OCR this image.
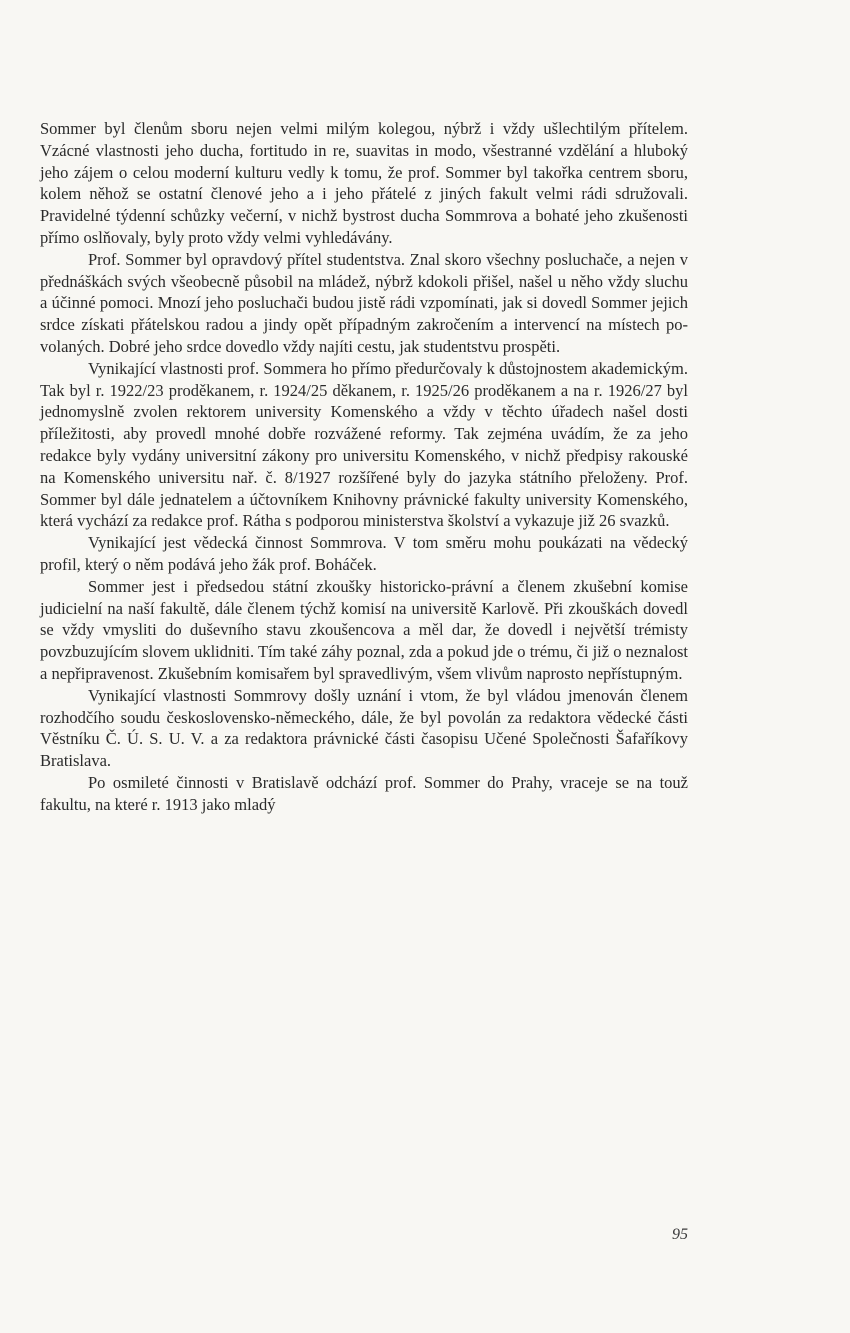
Sommer byl členům sboru nejen velmi milým kolegou, nýbrž i vždy ušlechtilým přítelem. Vzácné vlastnosti jeho ducha, fortitudo in re, suavitas in modo, všestranné vzdělání a hluboký jeho zájem o celou moderní kulturu vedly k tomu, že prof. Sommer byl takořka centrem sboru, kolem něhož se ostatní členové jeho a i jeho přátelé z jiných fakult velmi rádi sdružovali. Pravidelné týdenní schůzky večerní, v nichž bystrost ducha Sommrova a bohaté jeho zkušenosti přímo oslňovaly, byly proto vždy velmi vyhledávány.

Prof. Sommer byl opravdový přítel studentstva. Znal skoro všechny posluchače, a nejen v přednáškách svých všeobecně působil na mládež, nýbrž kdokoli přišel, našel u něho vždy sluchu a účinné pomoci. Mnozí jeho posluchači budou jistě rádi vzpomínati, jak si dovedl Sommer jejich srdce získati přátelskou radou a jindy opět případným zakročením a intervencí na místech povolaných. Dobré jeho srdce dovedlo vždy najíti cestu, jak studentstvu prospěti.

Vynikající vlastnosti prof. Sommera ho přímo předurčovaly k důstojnostem akademickým. Tak byl r. 1922/23 proděkanem, r. 1924/25 děkanem, r. 1925/26 proděkanem a na r. 1926/27 byl jednomyslně zvolen rektorem university Komenského a vždy v těchto úřadech našel dosti příležitosti, aby provedl mnohé dobře rozvážené reformy. Tak zejména uvádím, že za jeho redakce byly vydány universitní zákony pro universitu Komenského, v nichž předpisy rakouské na Komenského universitu nař. č. 8/1927 rozšířené byly do jazyka státního přeloženy. Prof. Sommer byl dále jednatelem a účtovníkem Knihovny právnické fakulty university Komenského, která vychází za redakce prof. Rátha s podporou ministerstva školství a vykazuje již 26 svazků.

Vynikající jest vědecká činnost Sommrova. V tom směru mohu poukázati na vědecký profil, který o něm podává jeho žák prof. Boháček.

Sommer jest i předsedou státní zkoušky historicko-právní a členem zkušební komise judicielní na naší fakultě, dále členem týchž komisí na universitě Karlově. Při zkouškách dovedl se vždy vmysliti do duševního stavu zkoušencova a měl dar, že dovedl i největší trémisty povzbuzujícím slovem uklidniti. Tím také záhy poznal, zda a pokud jde o trému, či již o neznalost a nepřipravenost. Zkušebním komisařem byl spravedlivým, všem vlivům naprosto nepřístupným.

Vynikající vlastnosti Sommrovy došly uznání i vtom, že byl vládou jmenován členem rozhodčího soudu československo-německého, dále, že byl povolán za redaktora vědecké části Věstníku Č. Ú. S. U. V. a za redaktora právnické části časopisu Učené Společnosti Šafaříkovy Bratislava.

Po osmileté činnosti v Bratislavě odchází prof. Sommer do Prahy, vraceje se na touž fakultu, na které r. 1913 jako mladý

95
